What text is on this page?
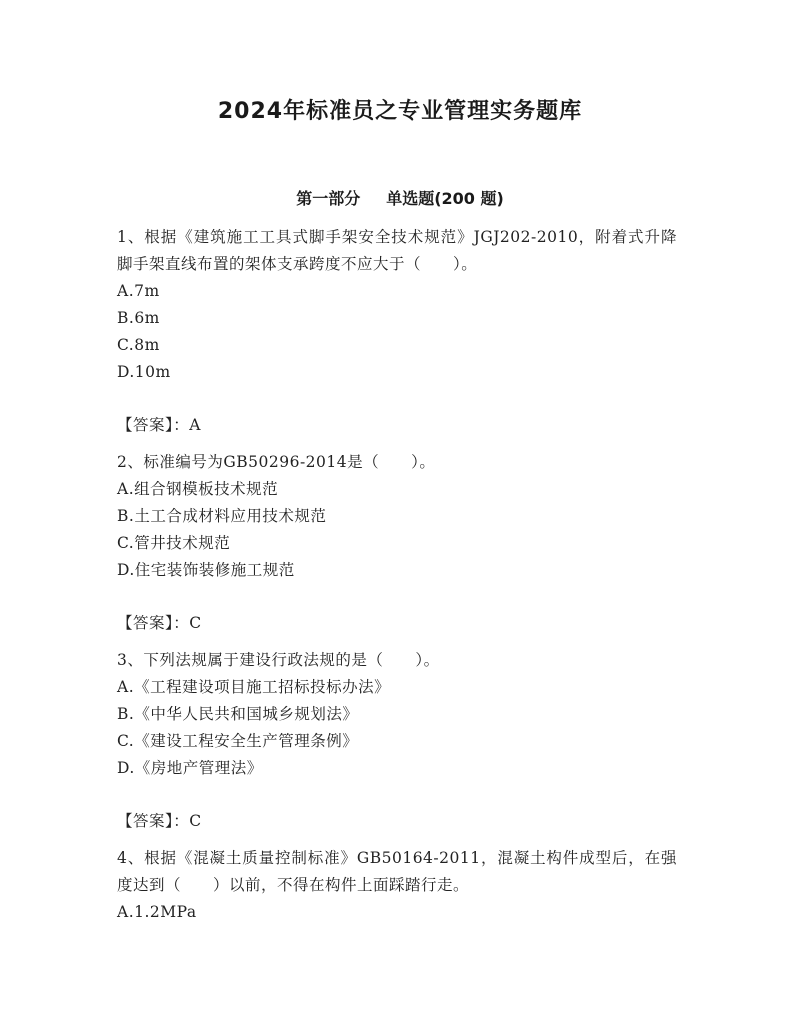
2024年标准员之专业管理实务题库
第一部分 单选题(200 题)

1、根据《建筑施工工具式脚手架安全技术规范》JGJ202-2010，附着式升降脚手架直线布置的架体支承跨度不应大于（　　）。

A.7m

B.6m

C.8m

D.10m

【答案】：A

2、标准编号为GB50296-2014是（　　）。

A.组合钢模板技术规范

B.土工合成材料应用技术规范

C.管井技术规范

D.住宅装饰装修施工规范

【答案】：C

3、下列法规属于建设行政法规的是（　　）。

A.《工程建设项目施工招标投标办法》

B.《中华人民共和国城乡规划法》

C.《建设工程安全生产管理条例》

D.《房地产管理法》

【答案】：C

4、根据《混凝土质量控制标准》GB50164-2011，混凝土构件成型后，在强度达到（　　）以前，不得在构件上面踩踏行走。

A.1.2MPa
